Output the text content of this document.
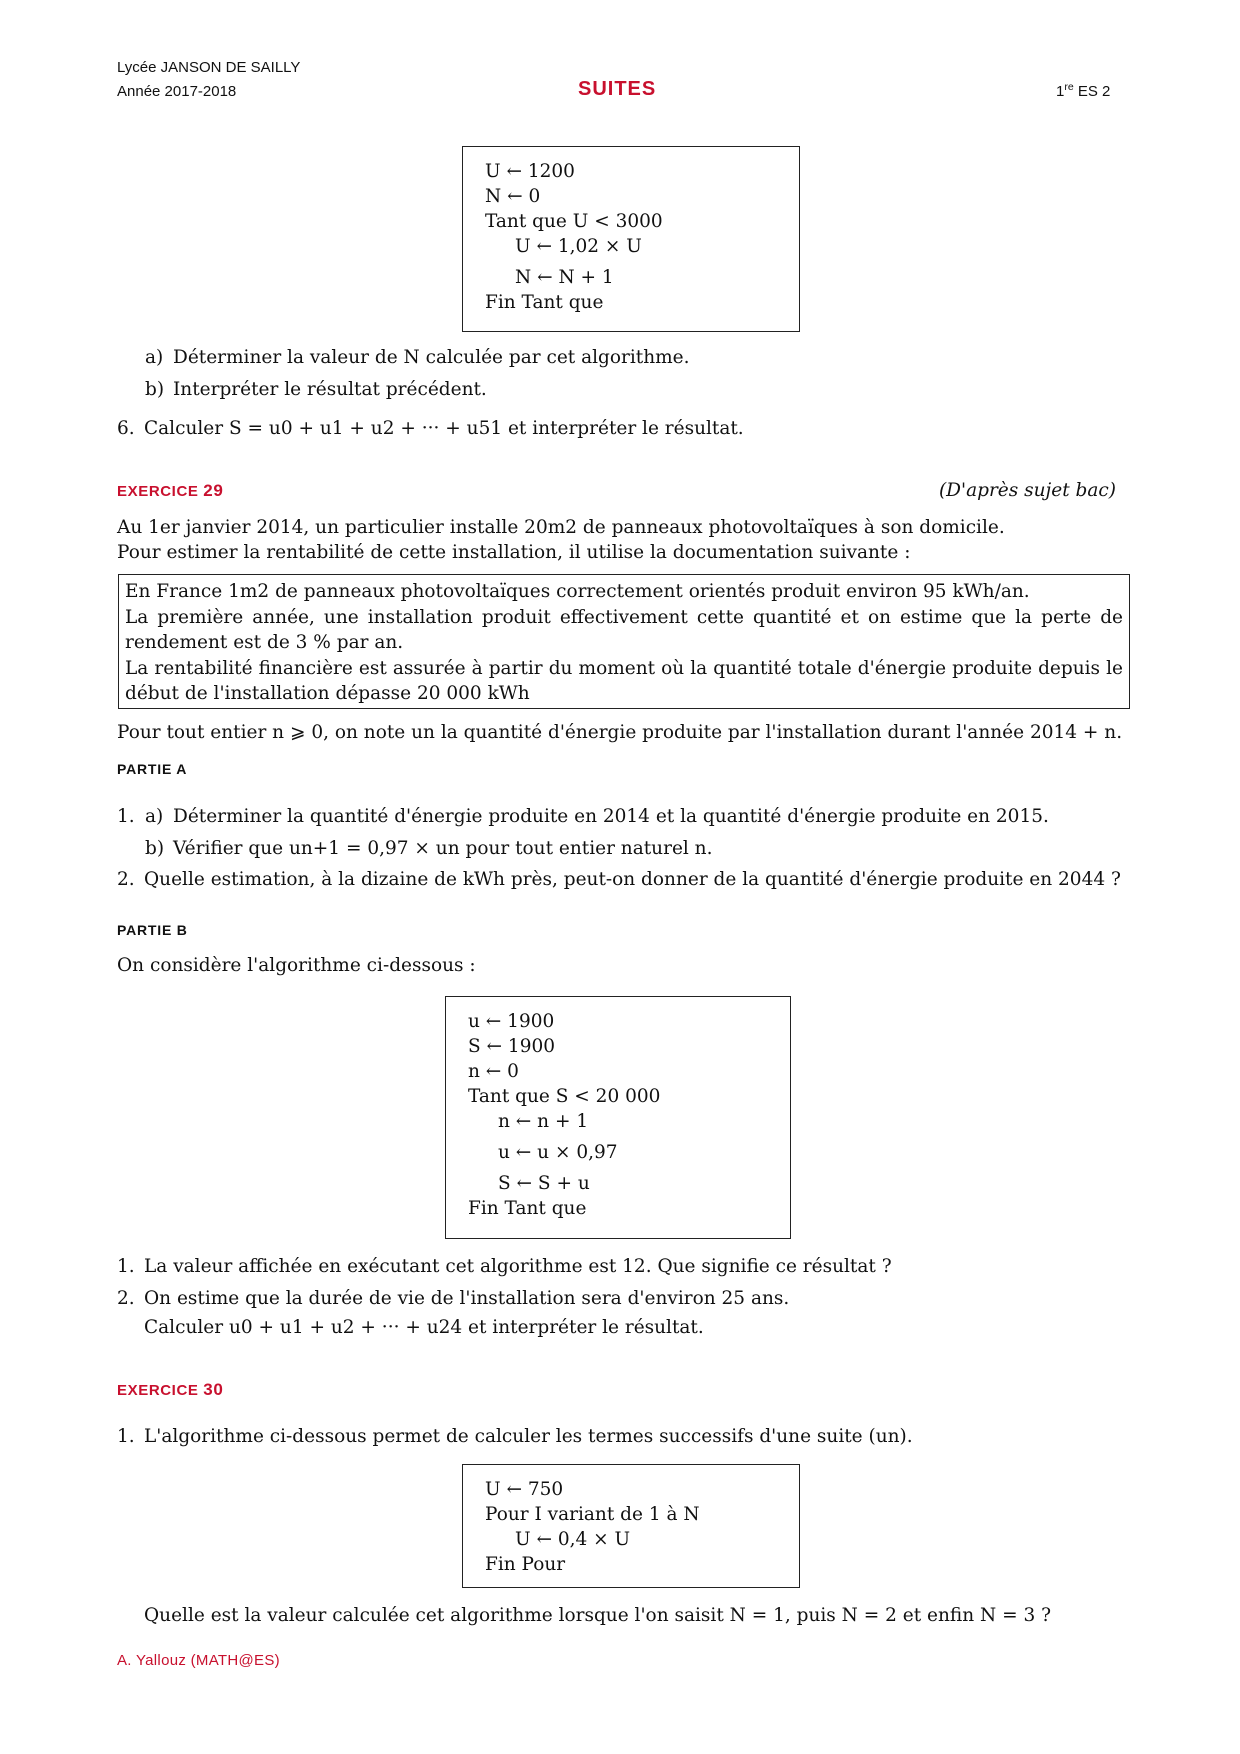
Lycée JANSON DE SAILLY
Année 2017-2018	SUITES	1re ES 2
U ← 1200
N ← 0
Tant que U < 3000
U ← 1,02 × U
N ← N + 1
Fin Tant que
a) Déterminer la valeur de N calculée par cet algorithme.
b) Interpréter le résultat précédent.
6. Calculer S = u0 + u1 + u2 + ··· + u51 et interpréter le résultat.
EXERCICE 29	(D'après sujet bac)
Au 1er janvier 2014, un particulier installe 20m2 de panneaux photovoltaïques à son domicile.
Pour estimer la rentabilité de cette installation, il utilise la documentation suivante :
En France 1m2 de panneaux photovoltaïques correctement orientés produit environ 95 kWh/an.
La première année, une installation produit effectivement cette quantité et on estime que la perte de rendement est de 3 % par an.
La rentabilité financière est assurée à partir du moment où la quantité totale d'énergie produite depuis le début de l'installation dépasse 20 000 kWh
Pour tout entier n ⩾ 0, on note un la quantité d'énergie produite par l'installation durant l'année 2014 + n.
PARTIE A
1. a) Déterminer la quantité d'énergie produite en 2014 et la quantité d'énergie produite en 2015.
b) Vérifier que un+1 = 0,97 × un pour tout entier naturel n.
2. Quelle estimation, à la dizaine de kWh près, peut-on donner de la quantité d'énergie produite en 2044 ?
PARTIE B
On considère l'algorithme ci-dessous :
u ← 1900
S ← 1900
n ← 0
Tant que S < 20 000
n ← n + 1
u ← u × 0,97
S ← S + u
Fin Tant que
1. La valeur affichée en exécutant cet algorithme est 12. Que signifie ce résultat ?
2. On estime que la durée de vie de l'installation sera d'environ 25 ans.
Calculer u0 + u1 + u2 + ··· + u24 et interpréter le résultat.
EXERCICE 30
1. L'algorithme ci-dessous permet de calculer les termes successifs d'une suite (un).
U ← 750
Pour I variant de 1 à N
U ← 0,4 × U
Fin Pour
Quelle est la valeur calculée cet algorithme lorsque l'on saisit N = 1, puis N = 2 et enfin N = 3 ?
A. Yallouz (MATH@ES)
